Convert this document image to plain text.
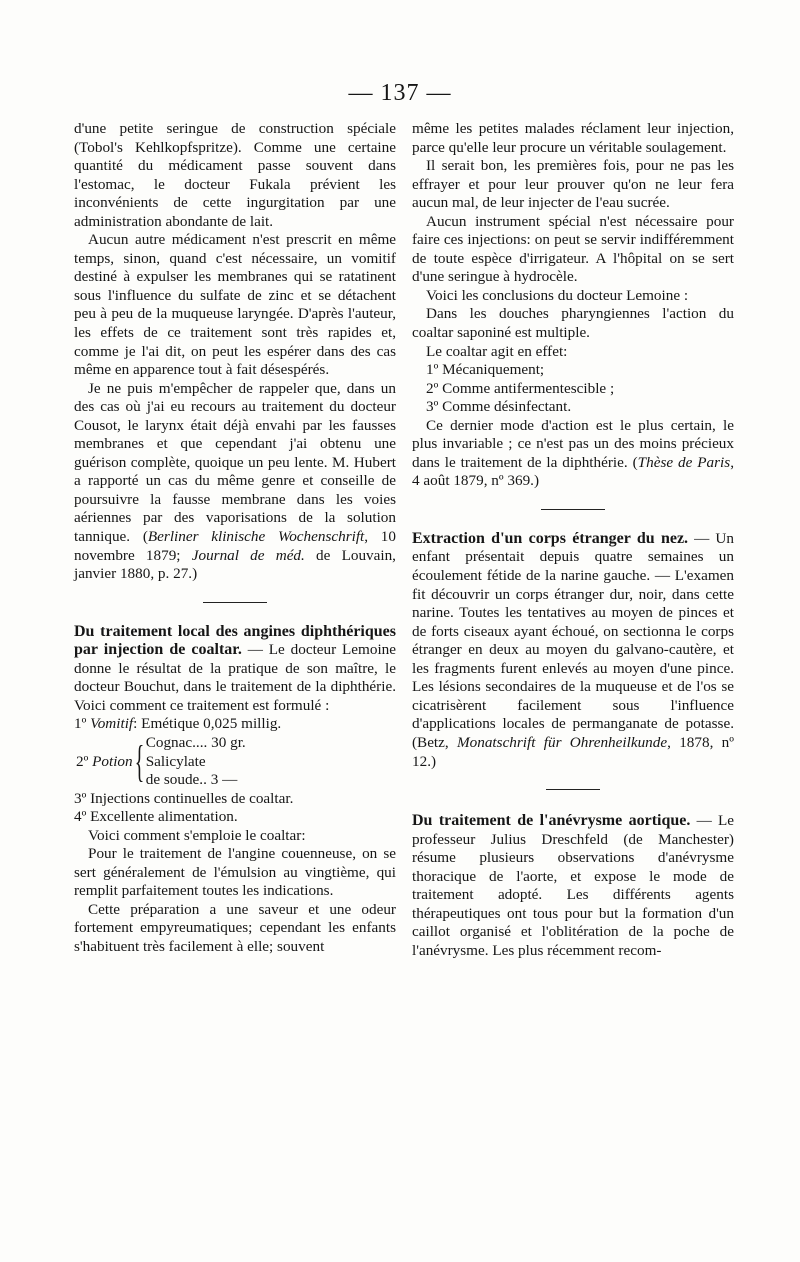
— 137 —

d'une petite seringue de construction spéciale (Tobol's Kehlkopfspritze). Comme une certaine quantité du médicament passe souvent dans l'estomac, le docteur Fukala prévient les inconvénients de cette ingurgitation par une administration abondante de lait.

Aucun autre médicament n'est prescrit en même temps, sinon, quand c'est nécessaire, un vomitif destiné à expulser les membranes qui se ratatinent sous l'influence du sulfate de zinc et se détachent peu à peu de la muqueuse laryngée. D'après l'auteur, les effets de ce traitement sont très rapides et, comme je l'ai dit, on peut les espérer dans des cas même en apparence tout à fait désespérés.

Je ne puis m'empêcher de rappeler que, dans un des cas où j'ai eu recours au traitement du docteur Cousot, le larynx était déjà envahi par les fausses membranes et que cependant j'ai obtenu une guérison complète, quoique un peu lente. M. Hubert a rapporté un cas du même genre et conseille de poursuivre la fausse membrane dans les voies aériennes par des vaporisations de la solution tannique. (Berliner klinische Wochenschrift, 10 novembre 1879; Journal de méd. de Louvain, janvier 1880, p. 27.)

Du traitement local des angines diphthériques par injection de coaltar. — Le docteur Lemoine donne le résultat de la pratique de son maître, le docteur Bouchut, dans le traitement de la diphthérie. Voici comment ce traitement est formulé :

1º Vomitif: Emétique 0,025 millig.

2º Potion { Cognac.... 30 gr.

Salicylate

de soude.. 3 —

3º Injections continuelles de coaltar.

4º Excellente alimentation.

Voici comment s'emploie le coaltar:

Pour le traitement de l'angine couenneuse, on se sert généralement de l'émulsion au vingtième, qui remplit parfaitement toutes les indications.

Cette préparation a une saveur et une odeur fortement empyreumatiques; cependant les enfants s'habituent très facilement à elle; souvent

même les petites malades réclament leur injection, parce qu'elle leur procure un véritable soulagement.

Il serait bon, les premières fois, pour ne pas les effrayer et pour leur prouver qu'on ne leur fera aucun mal, de leur injecter de l'eau sucrée.

Aucun instrument spécial n'est nécessaire pour faire ces injections: on peut se servir indifféremment de toute espèce d'irrigateur. A l'hôpital on se sert d'une seringue à hydrocèle.

Voici les conclusions du docteur Lemoine :

Dans les douches pharyngiennes l'action du coaltar saponiné est multiple.

Le coaltar agit en effet:

1º Mécaniquement;

2º Comme antifermentescible ;

3º Comme désinfectant.

Ce dernier mode d'action est le plus certain, le plus invariable ; ce n'est pas un des moins précieux dans le traitement de la diphthérie. (Thèse de Paris, 4 août 1879, nº 369.)

Extraction d'un corps étranger du nez. — Un enfant présentait depuis quatre semaines un écoulement fétide de la narine gauche. — L'examen fit découvrir un corps étranger dur, noir, dans cette narine. Toutes les tentatives au moyen de pinces et de forts ciseaux ayant échoué, on sectionna le corps étranger en deux au moyen du galvano-cautère, et les fragments furent enlevés au moyen d'une pince. Les lésions secondaires de la muqueuse et de l'os se cicatrisèrent facilement sous l'influence d'applications locales de permanganate de potasse. (Betz, Monatschrift für Ohrenheilkunde, 1878, nº 12.)

Du traitement de l'anévrysme aortique. — Le professeur Julius Dreschfeld (de Manchester) résume plusieurs observations d'anévrysme thoracique de l'aorte, et expose le mode de traitement adopté. Les différents agents thérapeutiques ont tous pour but la formation d'un caillot organisé et l'oblitération de la poche de l'anévrysme. Les plus récemment recom-
